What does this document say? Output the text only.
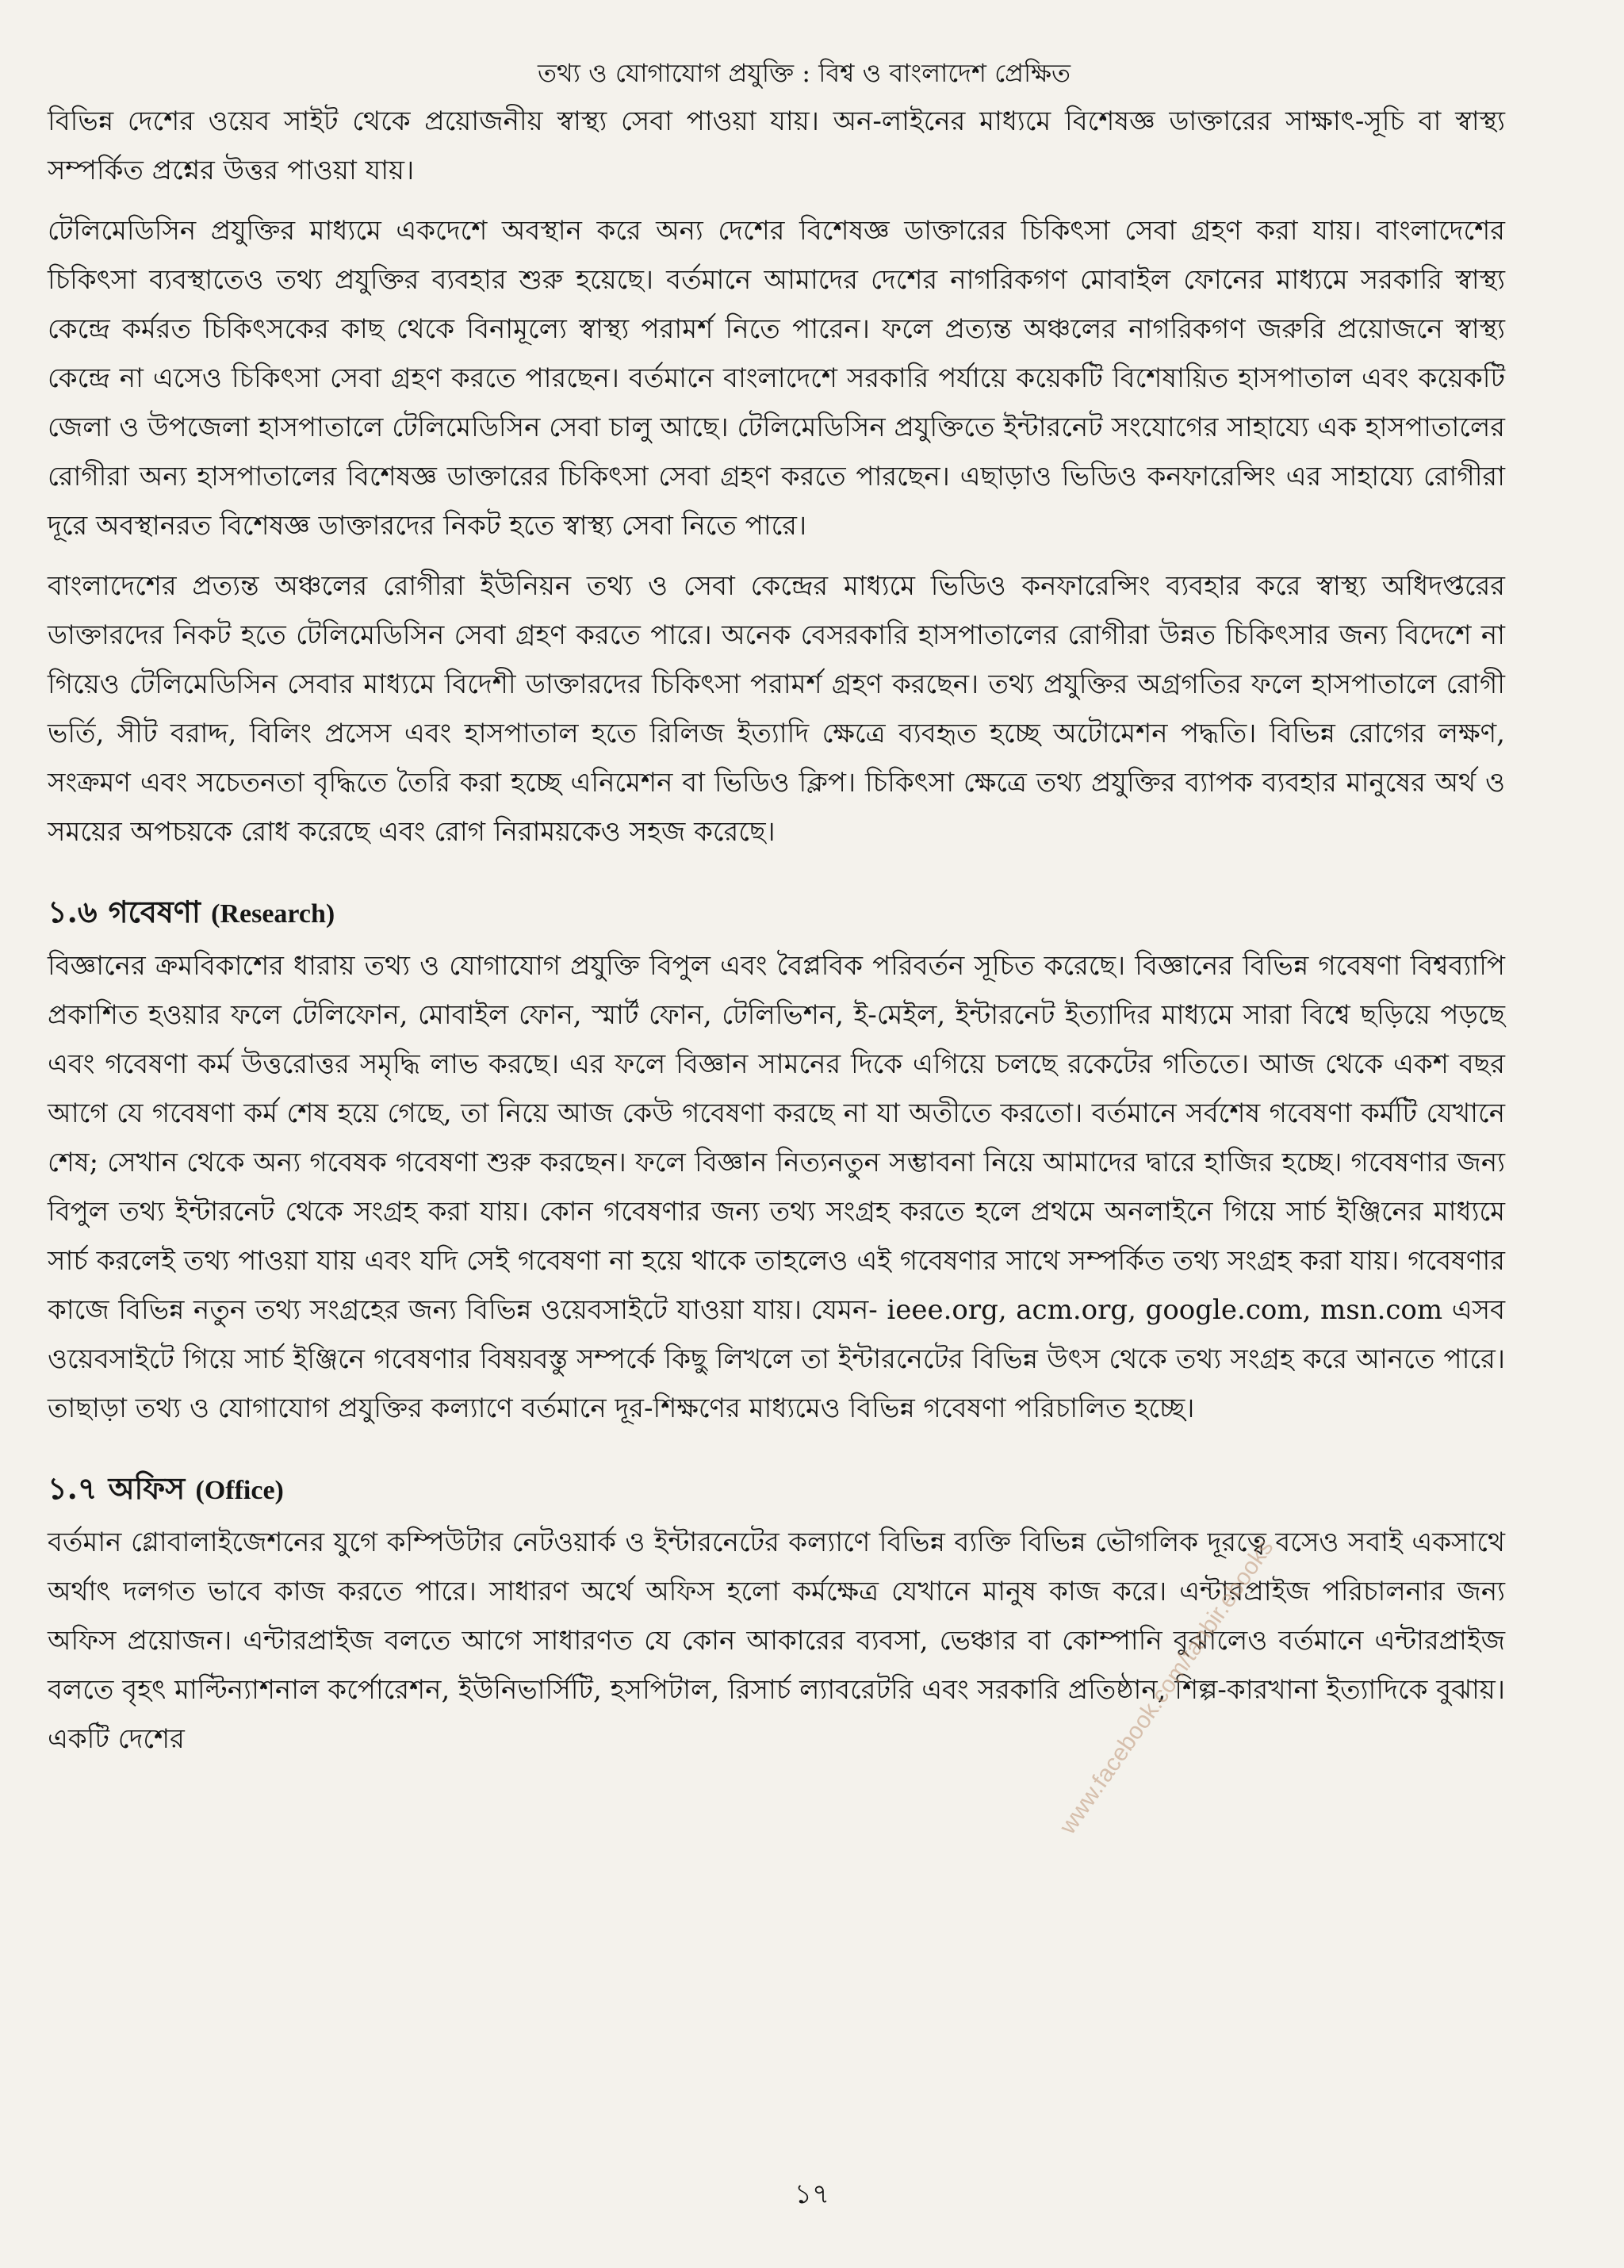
তথ্য ও যোগাযোগ প্রযুক্তি : বিশ্ব ও বাংলাদেশ প্রেক্ষিত

বিভিন্ন দেশের ওয়েব সাইট থেকে প্রয়োজনীয় স্বাস্থ্য সেবা পাওয়া যায়। অন-লাইনের মাধ্যমে বিশেষজ্ঞ ডাক্তারের সাক্ষাৎ-সূচি বা স্বাস্থ্য সম্পর্কিত প্রশ্নের উত্তর পাওয়া যায়।

টেলিমেডিসিন প্রযুক্তির মাধ্যমে একদেশে অবস্থান করে অন্য দেশের বিশেষজ্ঞ ডাক্তারের চিকিৎসা সেবা গ্রহণ করা যায়। বাংলাদেশের চিকিৎসা ব্যবস্থাতেও তথ্য প্রযুক্তির ব্যবহার শুরু হয়েছে। বর্তমানে আমাদের দেশের নাগরিকগণ মোবাইল ফোনের মাধ্যমে সরকারি স্বাস্থ্য কেন্দ্রে কর্মরত চিকিৎসকের কাছ থেকে বিনামূল্যে স্বাস্থ্য পরামর্শ নিতে পারেন। ফলে প্রত্যন্ত অঞ্চলের নাগরিকগণ জরুরি প্রয়োজনে স্বাস্থ্য কেন্দ্রে না এসেও চিকিৎসা সেবা গ্রহণ করতে পারছেন। বর্তমানে বাংলাদেশে সরকারি পর্যায়ে কয়েকটি বিশেষায়িত হাসপাতাল এবং কয়েকটি জেলা ও উপজেলা হাসপাতালে টেলিমেডিসিন সেবা চালু আছে। টেলিমেডিসিন প্রযুক্তিতে ইন্টারনেট সংযোগের সাহায্যে এক হাসপাতালের রোগীরা অন্য হাসপাতালের বিশেষজ্ঞ ডাক্তারের চিকিৎসা সেবা গ্রহণ করতে পারছেন। এছাড়াও ভিডিও কনফারেন্সিং এর সাহায্যে রোগীরা দূরে অবস্থানরত বিশেষজ্ঞ ডাক্তারদের নিকট হতে স্বাস্থ্য সেবা নিতে পারে।

বাংলাদেশের প্রত্যন্ত অঞ্চলের রোগীরা ইউনিয়ন তথ্য ও সেবা কেন্দ্রের মাধ্যমে ভিডিও কনফারেন্সিং ব্যবহার করে স্বাস্থ্য অধিদপ্তরের ডাক্তারদের নিকট হতে টেলিমেডিসিন সেবা গ্রহণ করতে পারে। অনেক বেসরকারি হাসপাতালের রোগীরা উন্নত চিকিৎসার জন্য বিদেশে না গিয়েও টেলিমেডিসিন সেবার মাধ্যমে বিদেশী ডাক্তারদের চিকিৎসা পরামর্শ গ্রহণ করছেন। তথ্য প্রযুক্তির অগ্রগতির ফলে হাসপাতালে রোগী ভর্তি, সীট বরাদ্দ, বিলিং প্রসেস এবং হাসপাতাল হতে রিলিজ ইত্যাদি ক্ষেত্রে ব্যবহৃত হচ্ছে অটোমেশন পদ্ধতি। বিভিন্ন রোগের লক্ষণ, সংক্রমণ এবং সচেতনতা বৃদ্ধিতে তৈরি করা হচ্ছে এনিমেশন বা ভিডিও ক্লিপ। চিকিৎসা ক্ষেত্রে তথ্য প্রযুক্তির ব্যাপক ব্যবহার মানুষের অর্থ ও সময়ের অপচয়কে রোধ করেছে এবং রোগ নিরাময়কেও সহজ করেছে।

১.৬ গবেষণা (Research)

বিজ্ঞানের ক্রমবিকাশের ধারায় তথ্য ও যোগাযোগ প্রযুক্তি বিপুল এবং বৈপ্লবিক পরিবর্তন সূচিত করেছে। বিজ্ঞানের বিভিন্ন গবেষণা বিশ্বব্যাপি প্রকাশিত হওয়ার ফলে টেলিফোন, মোবাইল ফোন, স্মার্ট ফোন, টেলিভিশন, ই-মেইল, ইন্টারনেট ইত্যাদির মাধ্যমে সারা বিশ্বে ছড়িয়ে পড়ছে এবং গবেষণা কর্ম উত্তরোত্তর সমৃদ্ধি লাভ করছে। এর ফলে বিজ্ঞান সামনের দিকে এগিয়ে চলছে রকেটের গতিতে। আজ থেকে একশ বছর আগে যে গবেষণা কর্ম শেষ হয়ে গেছে, তা নিয়ে আজ কেউ গবেষণা করছে না যা অতীতে করতো। বর্তমানে সর্বশেষ গবেষণা কর্মটি যেখানে শেষ; সেখান থেকে অন্য গবেষক গবেষণা শুরু করছেন। ফলে বিজ্ঞান নিত্যনতুন সম্ভাবনা নিয়ে আমাদের দ্বারে হাজির হচ্ছে। গবেষণার জন্য বিপুল তথ্য ইন্টারনেট থেকে সংগ্রহ করা যায়। কোন গবেষণার জন্য তথ্য সংগ্রহ করতে হলে প্রথমে অনলাইনে গিয়ে সার্চ ইঞ্জিনের মাধ্যমে সার্চ করলেই তথ্য পাওয়া যায় এবং যদি সেই গবেষণা না হয়ে থাকে তাহলেও এই গবেষণার সাথে সম্পর্কিত তথ্য সংগ্রহ করা যায়। গবেষণার কাজে বিভিন্ন নতুন তথ্য সংগ্রহের জন্য বিভিন্ন ওয়েবসাইটে যাওয়া যায়। যেমন- ieee.org, acm.org, google.com, msn.com এসব ওয়েবসাইটে গিয়ে সার্চ ইঞ্জিনে গবেষণার বিষয়বস্তু সম্পর্কে কিছু লিখলে তা ইন্টারনেটের বিভিন্ন উৎস থেকে তথ্য সংগ্রহ করে আনতে পারে। তাছাড়া তথ্য ও যোগাযোগ প্রযুক্তির কল্যাণে বর্তমানে দূর-শিক্ষণের মাধ্যমেও বিভিন্ন গবেষণা পরিচালিত হচ্ছে।

১.৭ অফিস (Office)

বর্তমান গ্লোবালাইজেশনের যুগে কম্পিউটার নেটওয়ার্ক ও ইন্টারনেটের কল্যাণে বিভিন্ন ব্যক্তি বিভিন্ন ভৌগলিক দূরত্বে বসেও সবাই একসাথে অর্থাৎ দলগত ভাবে কাজ করতে পারে। সাধারণ অর্থে অফিস হলো কর্মক্ষেত্র যেখানে মানুষ কাজ করে। এন্টারপ্রাইজ পরিচালনার জন্য অফিস প্রয়োজন। এন্টারপ্রাইজ বলতে আগে সাধারণত যে কোন আকারের ব্যবসা, ভেঞ্চার বা কোম্পানি বুঝালেও বর্তমানে এন্টারপ্রাইজ বলতে বৃহৎ মাল্টিন্যাশনাল কর্পোরেশন, ইউনিভার্সিটি, হসপিটাল, রিসার্চ ল্যাবরেটরি এবং সরকারি প্রতিষ্ঠান, শিল্প-কারখানা ইত্যাদিকে বুঝায়। একটি দেশের	www.facebook.com/tanbir.ebooks
১৭
